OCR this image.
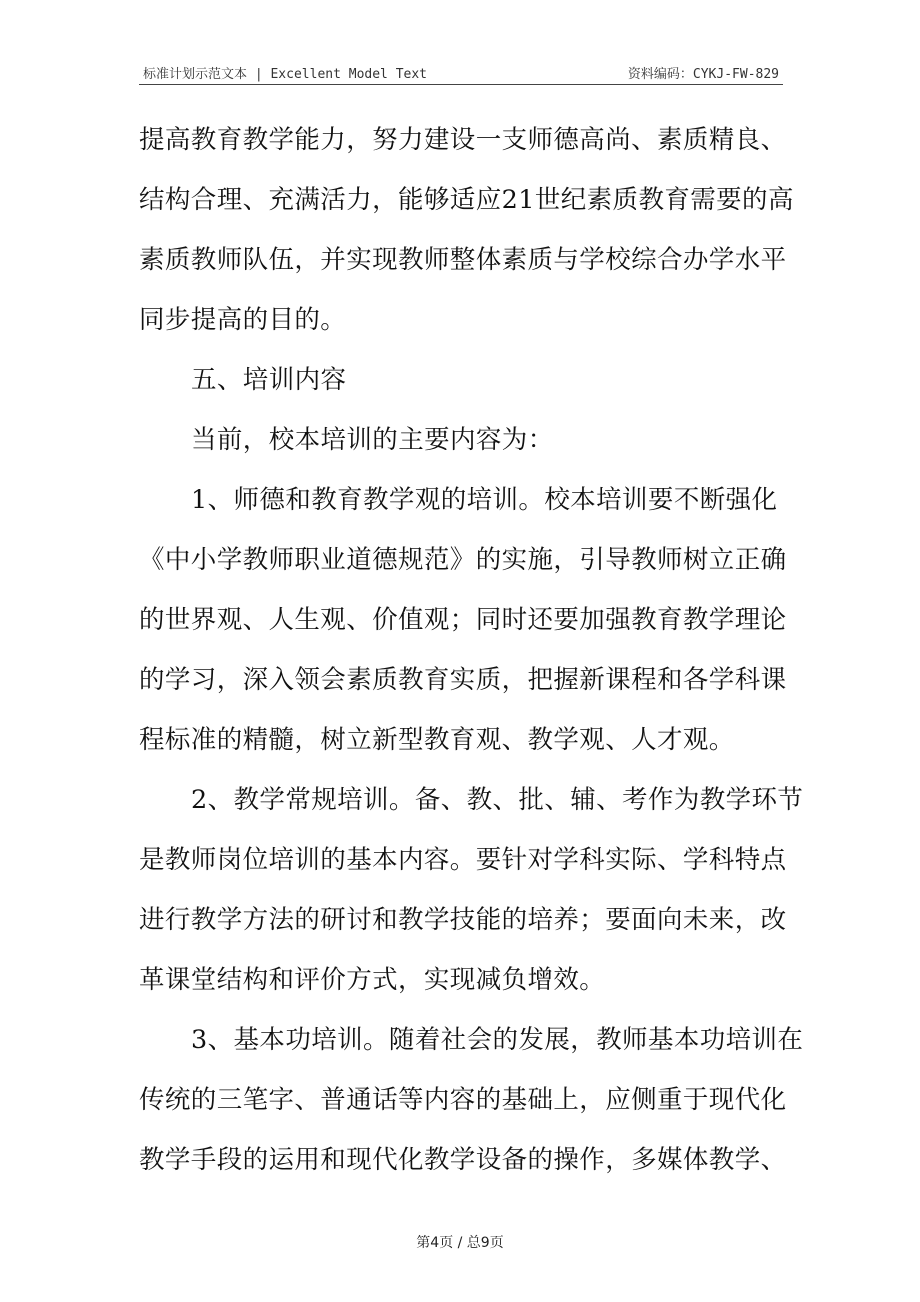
标准计划示范文本 | Excellent Model Text	资料编码：CYKJ-FW-829
提高教育教学能力，努力建设一支师德高尚、素质精良、
结构合理、充满活力，能够适应21世纪素质教育需要的高
素质教师队伍，并实现教师整体素质与学校综合办学水平
同步提高的目的。
五、培训内容
当前，校本培训的主要内容为：
1、师德和教育教学观的培训。校本培训要不断强化
《中小学教师职业道德规范》的实施，引导教师树立正确
的世界观、人生观、价值观；同时还要加强教育教学理论
的学习，深入领会素质教育实质，把握新课程和各学科课
程标准的精髓，树立新型教育观、教学观、人才观。
2、教学常规培训。备、教、批、辅、考作为教学环节
是教师岗位培训的基本内容。要针对学科实际、学科特点
进行教学方法的研讨和教学技能的培养；要面向未来，改
革课堂结构和评价方式，实现减负增效。
3、基本功培训。随着社会的发展，教师基本功培训在
传统的三笔字、普通话等内容的基础上，应侧重于现代化
教学手段的运用和现代化教学设备的操作，多媒体教学、
第4页 / 总9页
